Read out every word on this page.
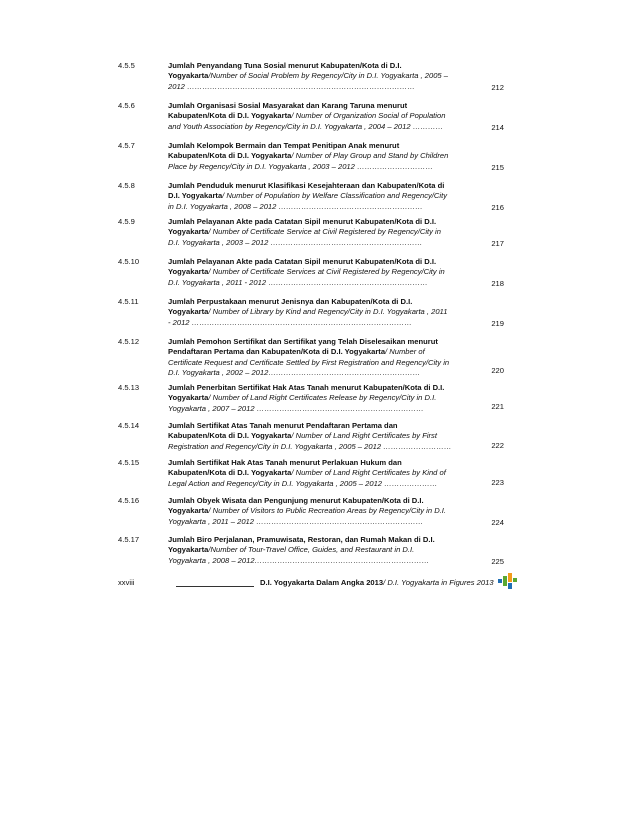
4.5.5	Jumlah Penyandang Tuna Sosial menurut Kabupaten/Kota di D.I.
Yogyakarta/Number of Social Problem by Regency/City in D.I. Yogyakarta , 2005 –
2012 ………………………………………………………………………………	212
4.5.6	Jumlah Organisasi Sosial Masyarakat dan Karang Taruna menurut
Kabupaten/Kota di D.I. Yogyakarta/ Number of Organization Social of Population
and Youth Association by Regency/City in D.I. Yogyakarta , 2004 – 2012 …………	214
4.5.7	Jumlah Kelompok Bermain dan Tempat Penitipan Anak menurut
Kabupaten/Kota di D.I. Yogyakarta/ Number of Play Group and Stand by Children
Place by Regency/City in D.I. Yogyakarta , 2003 – 2012 …………………………	215
4.5.8	Jumlah Penduduk menurut Klasifikasi Kesejahteraan dan Kabupaten/Kota di
D.I. Yogyakarta/ Number of Population by Welfare Classification and Regency/City
in D.I. Yogyakarta , 2008 – 2012 …………………………………………………	216
4.5.9	Jumlah Pelayanan Akte pada Catatan Sipil menurut Kabupaten/Kota di D.I.
Yogyakarta/ Number of Certificate Service at Civil Registered by Regency/City in
D.I. Yogyakarta , 2003 – 2012 ……………………………………………………	217
4.5.10	Jumlah Pelayanan Akte pada Catatan Sipil menurut Kabupaten/Kota di D.I.
Yogyakarta/ Number of Certificate Services at Civil Registered by Regency/City in
D.I. Yogyakarta , 2011 - 2012 ………………………………………………………	218
4.5.11	Jumlah Perpustakaan menurut Jenisnya dan Kabupaten/Kota di D.I.
Yogyakarta/ Number of Library by Kind and Regency/City in D.I. Yogyakarta , 2011
- 2012 ……………………………………………………………………………	219
4.5.12	Jumlah Pemohon Sertifikat dan Sertifikat yang Telah Diselesaikan menurut
Pendaftaran Pertama dan Kabupaten/Kota di D.I. Yogyakarta/ Number of
Certificate Request and Certificate Settled by First Registration and Regency/City in
D.I. Yogyakarta , 2002 – 2012……………………………………………………	220
4.5.13	Jumlah Penerbitan Sertifikat Hak Atas Tanah menurut Kabupaten/Kota di D.I.
Yogyakarta/ Number of Land Right Certificates Release by Regency/City in D.I.
Yogyakarta , 2007 – 2012 …………………………………………………………	221
4.5.14	Jumlah Sertifikat Atas Tanah menurut Pendaftaran Pertama dan
Kabupaten/Kota di D.I. Yogyakarta/ Number of Land Right Certificates by First
Registration and Regency/City in D.I. Yogyakarta , 2005 – 2012 ………………………	222
4.5.15	Jumlah Sertifikat Hak Atas Tanah menurut Perlakuan Hukum dan
Kabupaten/Kota di D.I. Yogyakarta/ Number of Land Right Certificates by Kind of
Legal Action and Regency/City in D.I. Yogyakarta , 2005 – 2012 …………………	223
4.5.16	Jumlah Obyek Wisata dan Pengunjung menurut Kabupaten/Kota di D.I.
Yogyakarta/ Number of Visitors to Public Recreation Areas by Regency/City in D.I.
Yogyakarta , 2011 – 2012 …………………………………………………………	224
4.5.17	Jumlah Biro Perjalanan, Pramuwisata, Restoran, dan Rumah Makan di D.I.
Yogyakarta/Number of Tour-Travel Office, Guides, and Restaurant in D.I.
Yogyakarta , 2008 – 2012……………………………………………………………	225
xxviii	D.I. Yogyakarta Dalam Angka 2013/ D.I. Yogyakarta in Figures 2013
